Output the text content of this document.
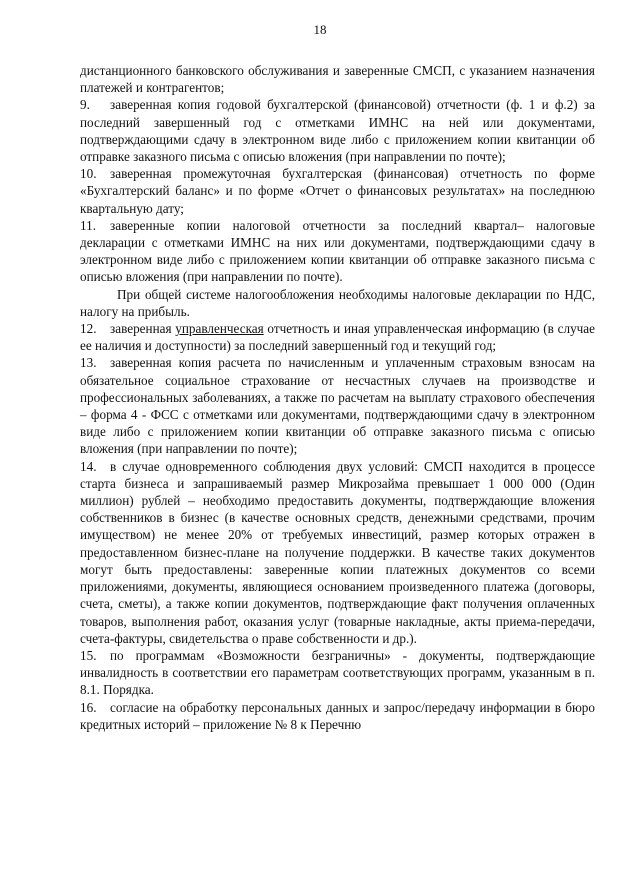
18

дистанционного банковского обслуживания и заверенные СМСП, с указанием назначения платежей и контрагентов;

9. заверенная копия годовой бухгалтерской (финансовой) отчетности (ф. 1 и ф.2) за последний завершенный год с отметками ИМНС на ней или документами, подтверждающими сдачу в электронном виде либо с приложением копии квитанции об отправке заказного письма с описью вложения (при направлении по почте);

10. заверенная промежуточная бухгалтерская (финансовая) отчетность по форме «Бухгалтерский баланс» и по форме «Отчет о финансовых результатах» на последнюю квартальную дату;

11. заверенные копии налоговой отчетности за последний квартал– налоговые декларации с отметками ИМНС на них или документами, подтверждающими сдачу в электронном виде либо с приложением копии квитанции об отправке заказного письма с описью вложения (при направлении по почте).

При общей системе налогообложения необходимы налоговые декларации по НДС, налогу на прибыль.

12. заверенная управленческая отчетность и иная управленческая информацию (в случае ее наличия и доступности) за последний завершенный год и текущий год;

13. заверенная копия расчета по начисленным и уплаченным страховым взносам на обязательное социальное страхование от несчастных случаев на производстве и профессиональных заболеваниях, а также по расчетам на выплату страхового обеспечения – форма 4 - ФСС с отметками или документами, подтверждающими сдачу в электронном виде либо с приложением копии квитанции об отправке заказного письма с описью вложения (при направлении по почте);

14. в случае одновременного соблюдения двух условий: СМСП находится в процессе старта бизнеса и запрашиваемый размер Микрозайма превышает 1 000 000 (Один миллион) рублей – необходимо предоставить документы, подтверждающие вложения собственников в бизнес (в качестве основных средств, денежными средствами, прочим имуществом) не менее 20% от требуемых инвестиций, размер которых отражен в предоставленном бизнес-плане на получение поддержки. В качестве таких документов могут быть предоставлены: заверенные копии платежных документов со всеми приложениями, документы, являющиеся основанием произведенного платежа (договоры, счета, сметы), а также копии документов, подтверждающие факт получения оплаченных товаров, выполнения работ, оказания услуг (товарные накладные, акты приема-передачи, счета-фактуры, свидетельства о праве собственности и др.).

15. по программам «Возможности безграничны» - документы, подтверждающие инвалидность в соответствии его параметрам соответствующих программ, указанным в п. 8.1. Порядка.

16. согласие на обработку персональных данных и запрос/передачу информации в бюро кредитных историй – приложение № 8 к Перечню
